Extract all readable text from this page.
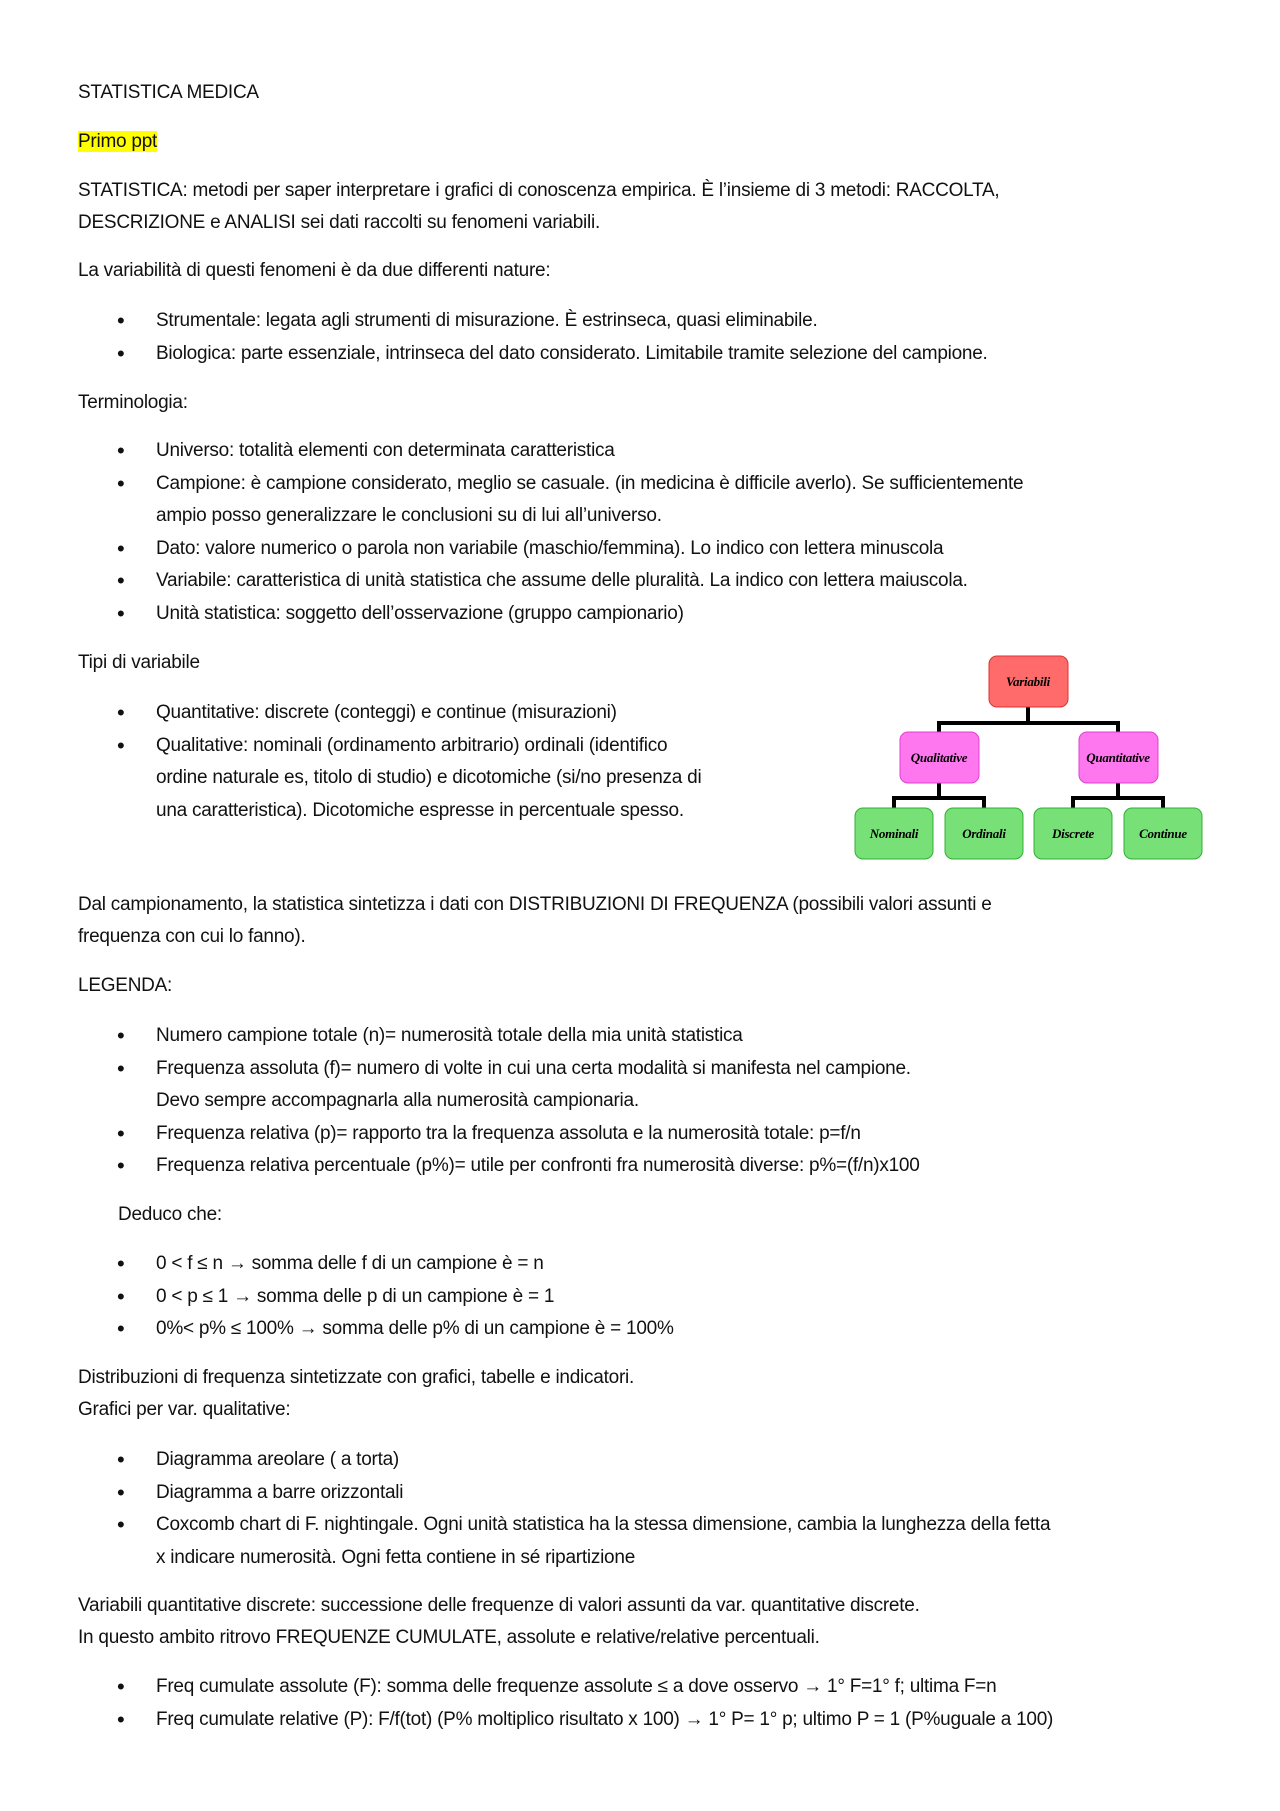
STATISTICA MEDICA
Primo ppt
STATISTICA: metodi per saper interpretare i grafici di conoscenza empirica. È l’insieme di 3 metodi: RACCOLTA,
DESCRIZIONE e ANALISI sei dati raccolti su fenomeni variabili.
La variabilità di questi fenomeni è da due differenti nature:
• Strumentale: legata agli strumenti di misurazione. È estrinseca, quasi eliminabile.
• Biologica: parte essenziale, intrinseca del dato considerato. Limitabile tramite selezione del campione.
Terminologia:
• Universo: totalità elementi con determinata caratteristica
• Campione: è campione considerato, meglio se casuale. (in medicina è difficile averlo). Se sufficientemente
ampio posso generalizzare le conclusioni su di lui all’universo.
• Dato: valore numerico o parola non variabile (maschio/femmina). Lo indico con lettera minuscola
• Variabile: caratteristica di unità statistica che assume delle pluralità. La indico con lettera maiuscola.
• Unità statistica: soggetto dell’osservazione (gruppo campionario)
Tipi di variabile
• Quantitative: discrete (conteggi) e continue (misurazioni)
• Qualitative: nominali (ordinamento arbitrario) ordinali (identifico
ordine naturale es, titolo di studio) e dicotomiche (si/no presenza di
una caratteristica). Dicotomiche espresse in percentuale spesso.
Variabili
Qualitative	Quantitative
Nominali	Ordinali	Discrete	Continue
Dal campionamento, la statistica sintetizza i dati con DISTRIBUZIONI DI FREQUENZA (possibili valori assunti e
frequenza con cui lo fanno).
LEGENDA:
• Numero campione totale (n)= numerosità totale della mia unità statistica
• Frequenza assoluta (f)= numero di volte in cui una certa modalità si manifesta nel campione.
Devo sempre accompagnarla alla numerosità campionaria.
• Frequenza relativa (p)= rapporto tra la frequenza assoluta e la numerosità totale: p=f/n
• Frequenza relativa percentuale (p%)= utile per confronti fra numerosità diverse: p%=(f/n)x100
Deduco che:
• 0 < f ≤ n → somma delle f di un campione è = n
• 0 < p ≤ 1 → somma delle p di un campione è = 1
• 0%< p% ≤ 100% → somma delle p% di un campione è = 100%
Distribuzioni di frequenza sintetizzate con grafici, tabelle e indicatori.
Grafici per var. qualitative:
• Diagramma areolare ( a torta)
• Diagramma a barre orizzontali
• Coxcomb chart di F. nightingale. Ogni unità statistica ha la stessa dimensione, cambia la lunghezza della fetta
x indicare numerosità. Ogni fetta contiene in sé ripartizione
Variabili quantitative discrete: successione delle frequenze di valori assunti da var. quantitative discrete.
In questo ambito ritrovo FREQUENZE CUMULATE, assolute e relative/relative percentuali.
• Freq cumulate assolute (F): somma delle frequenze assolute ≤ a dove osservo → 1° F=1° f; ultima F=n
• Freq cumulate relative (P): F/f(tot) (P% moltiplico risultato x 100) → 1° P= 1° p; ultimo P = 1 (P%uguale a 100)
